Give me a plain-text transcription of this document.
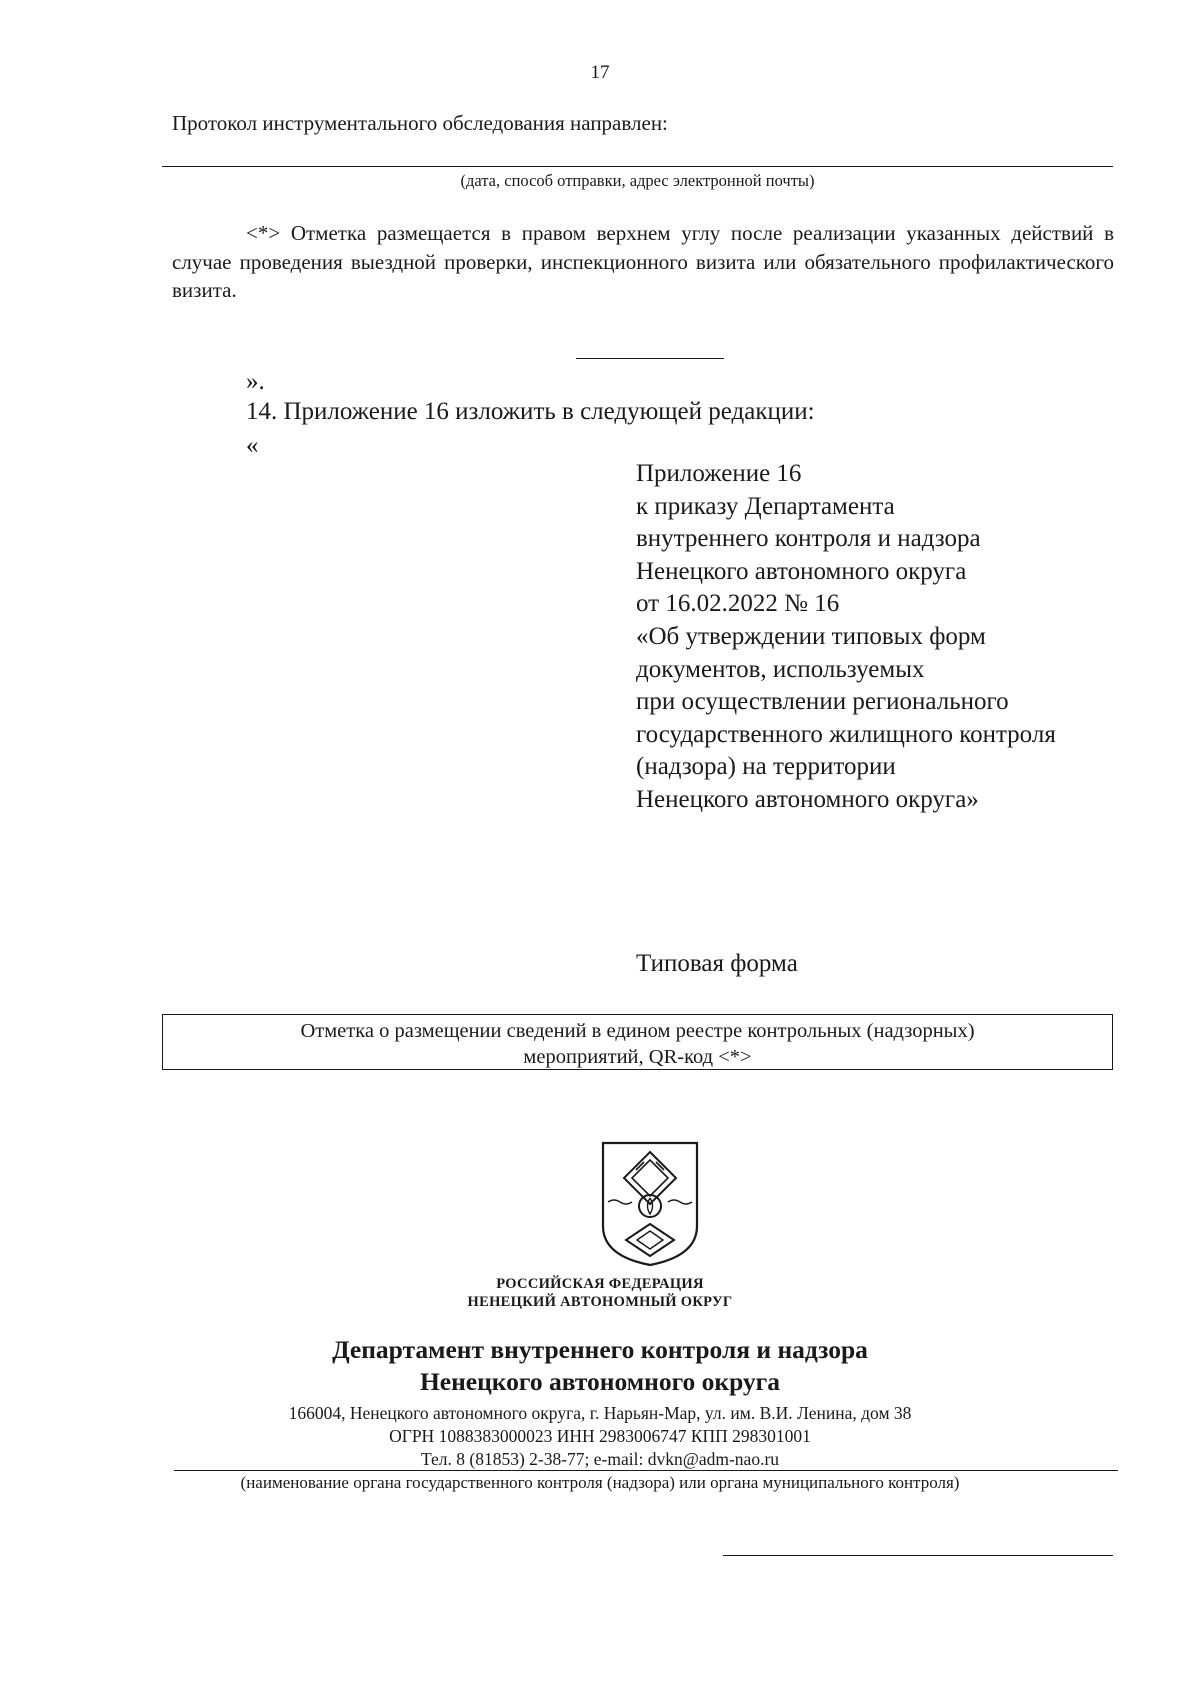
17
Протокол инструментального обследования направлен:
(дата, способ отправки, адрес электронной почты)
<*> Отметка размещается в правом верхнем углу после реализации указанных действий в случае проведения выездной проверки, инспекционного визита или обязательного профилактического визита.
».
14. Приложение 16 изложить в следующей редакции:
«
Приложение 16
к приказу Департамента
внутреннего контроля и надзора
Ненецкого автономного округа
от 16.02.2022 № 16
«Об утверждении типовых форм
документов, используемых
при осуществлении регионального
государственного жилищного контроля
(надзора) на территории
Ненецкого автономного округа»
Типовая форма
Отметка о размещении сведений в едином реестре контрольных (надзорных)
мероприятий, QR-код <*>
РОССИЙСКАЯ ФЕДЕРАЦИЯ
НЕНЕЦКИЙ АВТОНОМНЫЙ ОКРУГ
Департамент внутреннего контроля и надзора
Ненецкого автономного округа
166004, Ненецкого автономного округа, г. Нарьян-Мар, ул. им. В.И. Ленина, дом 38
ОГРН 1088383000023 ИНН 2983006747 КПП 298301001
Тел. 8 (81853) 2-38-77; e-mail: dvkn@adm-nao.ru
(наименование органа государственного контроля (надзора) или органа муниципального контроля)
